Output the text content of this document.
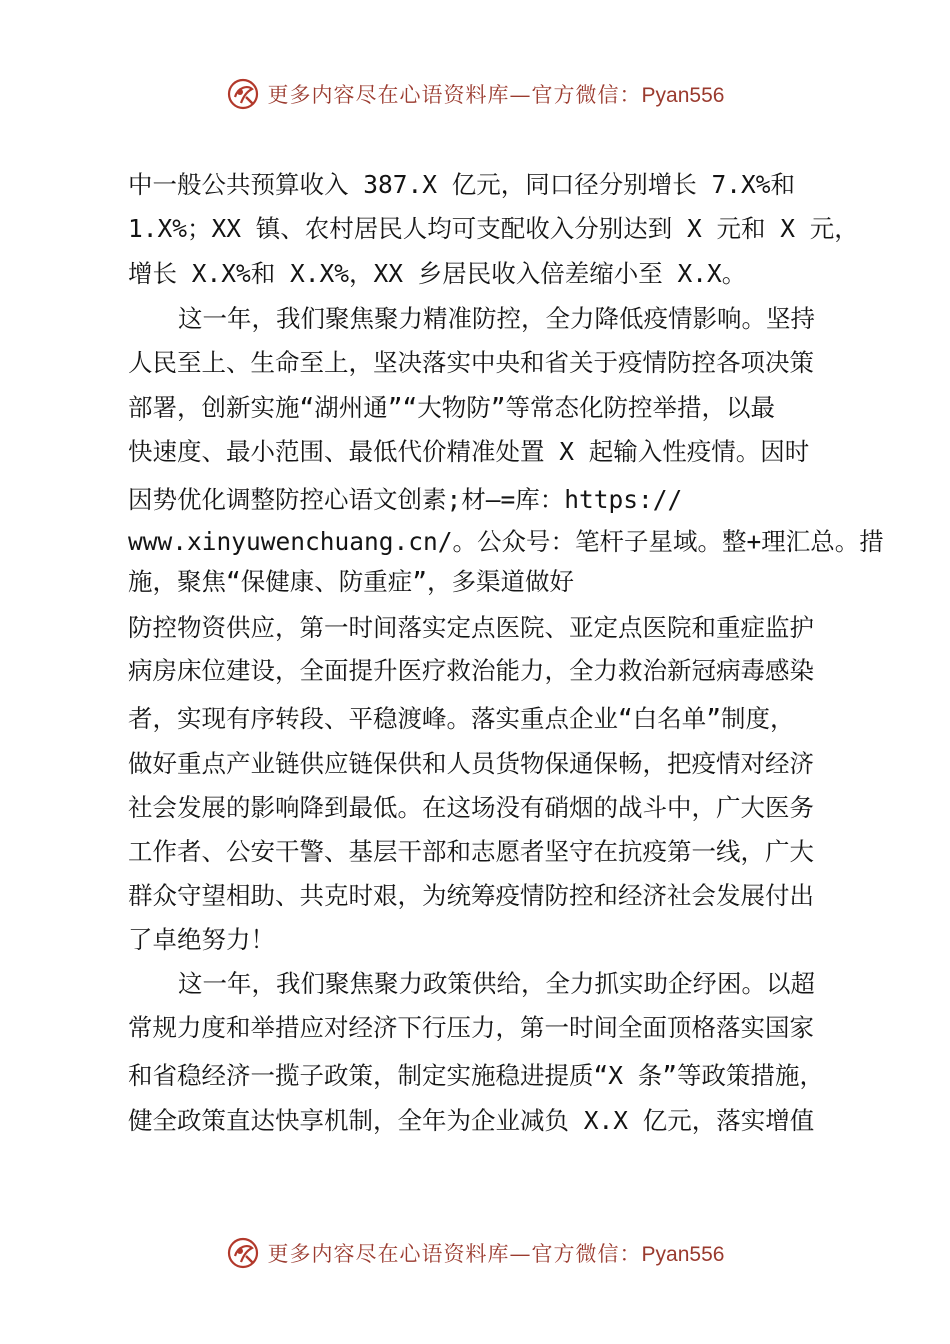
更多内容尽在心语资料库—官方微信：Pyan556
中一般公共预算收入 387.X 亿元，同口径分别增长 7.X%和
1.X%；XX 镇、农村居民人均可支配收入分别达到 X 元和 X 元，
增长 X.X%和 X.X%，XX 乡居民收入倍差缩小至 X.X。
这一年，我们聚焦聚力精准防控，全力降低疫情影响。坚持
人民至上、生命至上，坚决落实中央和省关于疫情防控各项决策
部署，创新实施“湖州通”“大物防”等常态化防控举措，以最
快速度、最小范围、最低代价精准处置 X 起输入性疫情。因时
因势优化调整防控心语文创素;材—=库：https://
www.xinyuwenchuang.cn/。公众号：笔杆子星域。整+理汇总。措
施，聚焦“保健康、防重症”，多渠道做好
防控物资供应，第一时间落实定点医院、亚定点医院和重症监护
病房床位建设，全面提升医疗救治能力，全力救治新冠病毒感染
者，实现有序转段、平稳渡峰。落实重点企业“白名单”制度，
做好重点产业链供应链保供和人员货物保通保畅，把疫情对经济
社会发展的影响降到最低。在这场没有硝烟的战斗中，广大医务
工作者、公安干警、基层干部和志愿者坚守在抗疫第一线，广大
群众守望相助、共克时艰，为统筹疫情防控和经济社会发展付出
了卓绝努力！
这一年，我们聚焦聚力政策供给，全力抓实助企纾困。以超
常规力度和举措应对经济下行压力，第一时间全面顶格落实国家
和省稳经济一揽子政策，制定实施稳进提质“X 条”等政策措施，
健全政策直达快享机制，全年为企业减负 X.X 亿元，落实增值
更多内容尽在心语资料库—官方微信：Pyan556
